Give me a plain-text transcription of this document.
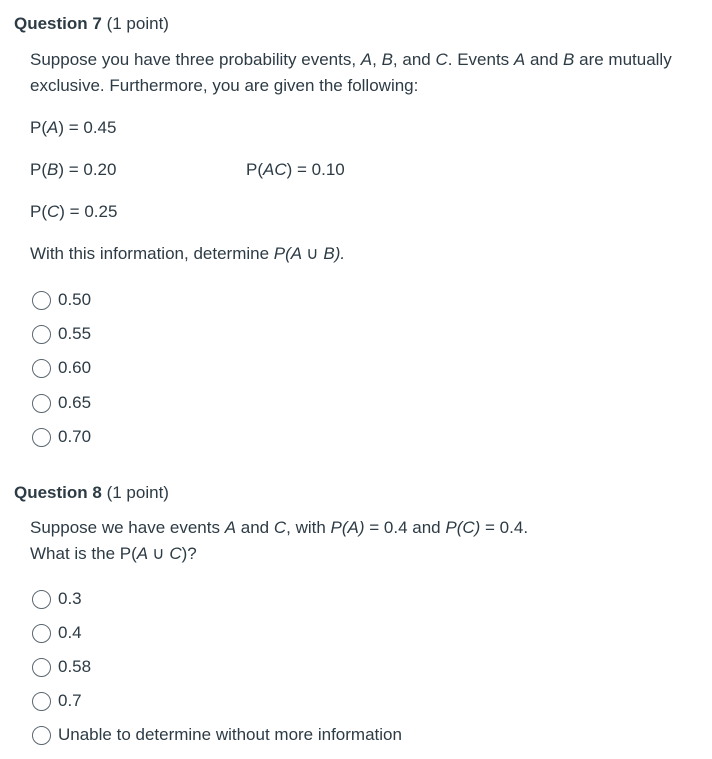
Question 7 (1 point)
Suppose you have three probability events, A, B, and C. Events A and B are mutually exclusive. Furthermore, you are given the following:
P(A) = 0.45
P(B) = 0.20	P(AC) = 0.10
P(C) = 0.25
With this information, determine P(A ∪ B).
0.50
0.55
0.60
0.65
0.70
Question 8 (1 point)
Suppose we have events A and C, with P(A) = 0.4 and P(C) = 0.4.
What is the P(A ∪ C)?
0.3
0.4
0.58
0.7
Unable to determine without more information
